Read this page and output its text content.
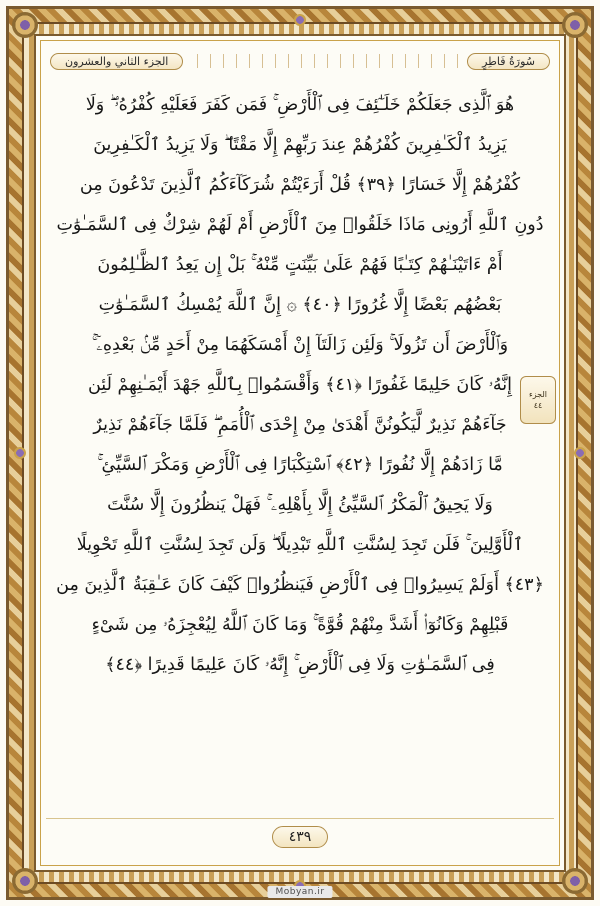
سُورَةُ فَاطِرٍ
الجزء الثاني والعشرون
هُوَ ٱلَّذِى جَعَلَكُمْ خَلَـٰٓئِفَ فِى ٱلْأَرْضِ ۚ فَمَن كَفَرَ فَعَلَيْهِ كُفْرُهُۥ ۖ وَلَا
يَزِيدُ ٱلْكَـٰفِرِينَ كُفْرُهُمْ عِندَ رَبِّهِمْ إِلَّا مَقْتًا ۖ وَلَا يَزِيدُ ٱلْكَـٰفِرِينَ
كُفْرُهُمْ إِلَّا خَسَارًا ﴿٣٩﴾ قُلْ أَرَءَيْتُمْ شُرَكَآءَكُمُ ٱلَّذِينَ تَدْعُونَ مِن
دُونِ ٱللَّهِ أَرُونِى مَاذَا خَلَقُوا۟ مِنَ ٱلْأَرْضِ أَمْ لَهُمْ شِرْكٌ فِى ٱلسَّمَـٰوَٰتِ
أَمْ ءَاتَيْنَـٰهُمْ كِتَـٰبًا فَهُمْ عَلَىٰ بَيِّنَتٍ مِّنْهُ ۚ بَلْ إِن يَعِدُ ٱلظَّـٰلِمُونَ
بَعْضُهُم بَعْضًا إِلَّا غُرُورًا ﴿٤٠﴾ ۞ إِنَّ ٱللَّهَ يُمْسِكُ ٱلسَّمَـٰوَٰتِ
وَٱلْأَرْضَ أَن تَزُولَا ۚ وَلَئِن زَالَتَآ إِنْ أَمْسَكَهُمَا مِنْ أَحَدٍ مِّنۢ بَعْدِهِۦٓ ۚ
إِنَّهُۥ كَانَ حَلِيمًا غَفُورًا ﴿٤١﴾ وَأَقْسَمُوا۟ بِٱللَّهِ جَهْدَ أَيْمَـٰنِهِمْ لَئِن
جَآءَهُمْ نَذِيرٌ لَّيَكُونُنَّ أَهْدَىٰ مِنْ إِحْدَى ٱلْأُمَمِ ۖ فَلَمَّا جَآءَهُمْ نَذِيرٌ
مَّا زَادَهُمْ إِلَّا نُفُورًا ﴿٤٢﴾ ٱسْتِكْبَارًا فِى ٱلْأَرْضِ وَمَكْرَ ٱلسَّيِّئِ ۚ
وَلَا يَحِيقُ ٱلْمَكْرُ ٱلسَّيِّئُ إِلَّا بِأَهْلِهِۦ ۚ فَهَلْ يَنظُرُونَ إِلَّا سُنَّتَ
ٱلْأَوَّلِينَ ۚ فَلَن تَجِدَ لِسُنَّتِ ٱللَّهِ تَبْدِيلًا ۖ وَلَن تَجِدَ لِسُنَّتِ ٱللَّهِ تَحْوِيلًا
﴿٤٣﴾ أَوَلَمْ يَسِيرُوا۟ فِى ٱلْأَرْضِ فَيَنظُرُوا۟ كَيْفَ كَانَ عَـٰقِبَةُ ٱلَّذِينَ مِن
قَبْلِهِمْ وَكَانُوٓا۟ أَشَدَّ مِنْهُمْ قُوَّةً ۚ وَمَا كَانَ ٱللَّهُ لِيُعْجِزَهُۥ مِن شَىْءٍ
فِى ٱلسَّمَـٰوَٰتِ وَلَا فِى ٱلْأَرْضِ ۚ إِنَّهُۥ كَانَ عَلِيمًا قَدِيرًا ﴿٤٤﴾
الجزء
٤٤
٤٣٩
Mobyan.ir
